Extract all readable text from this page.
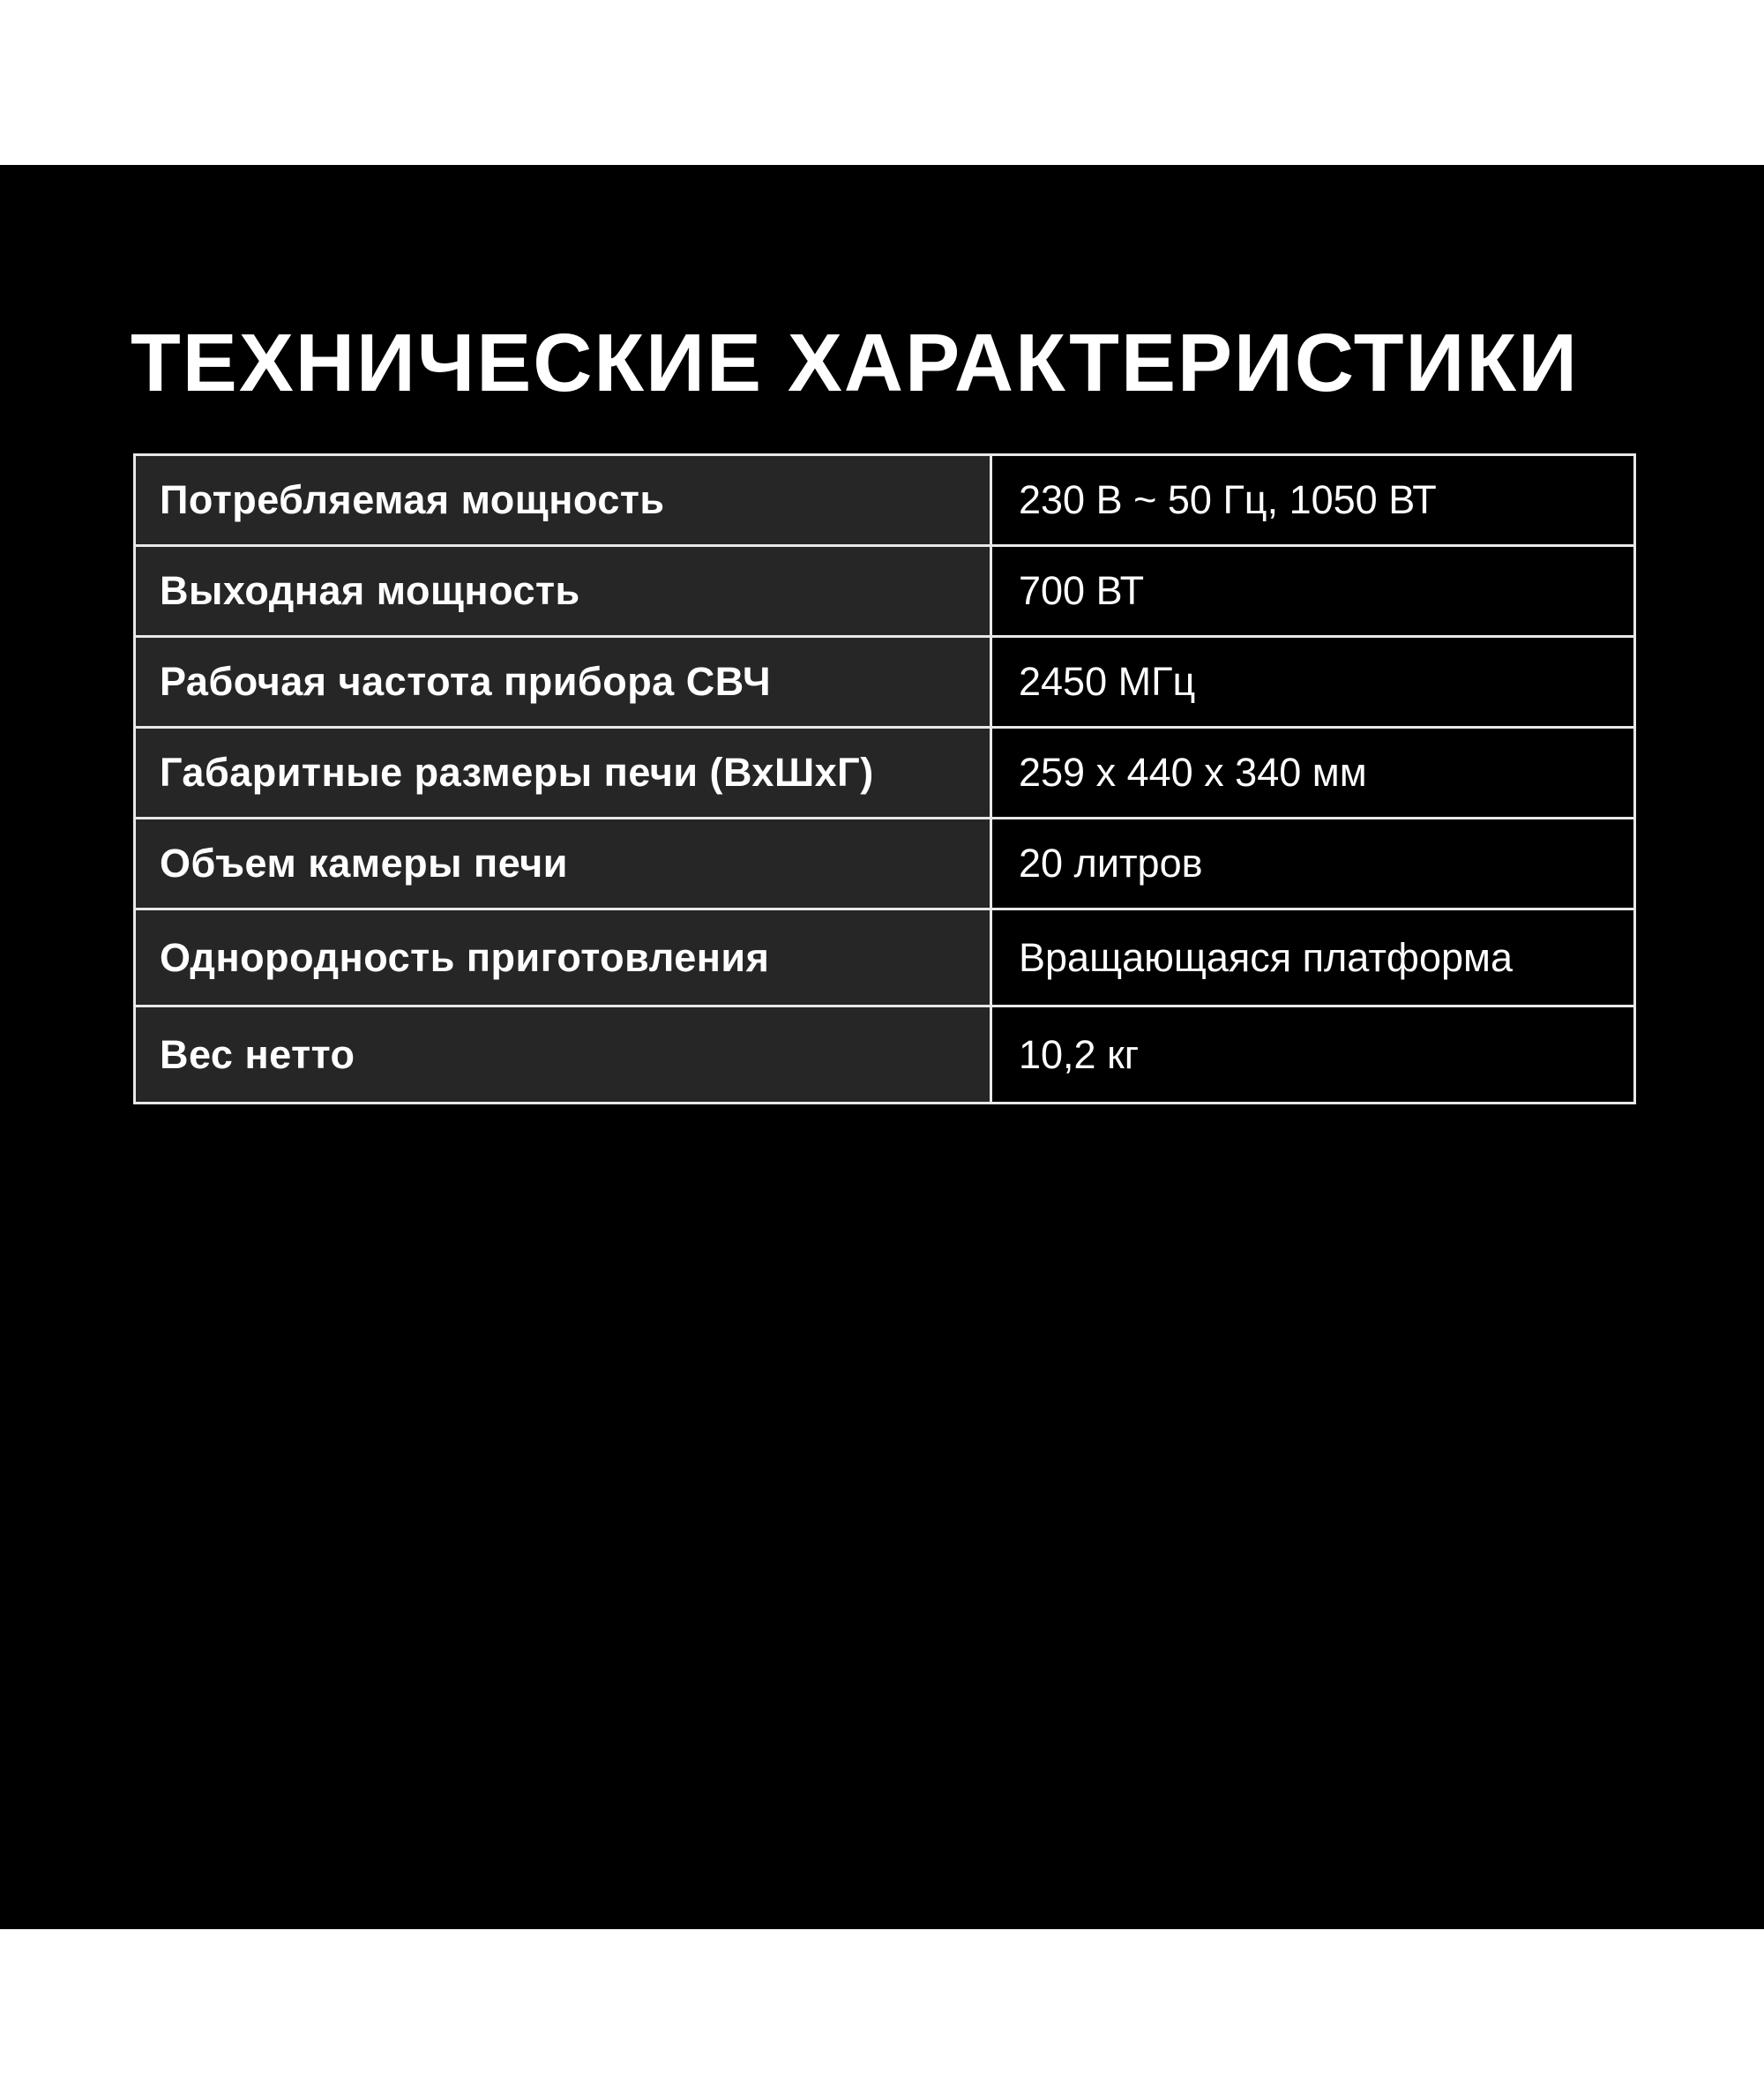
ТЕХНИЧЕСКИЕ ХАРАКТЕРИСТИКИ
Потребляемая мощность	230 В ~ 50 Гц, 1050 ВТ
Выходная мощность	700 ВТ
Рабочая частота прибора СВЧ	2450 МГц
Габаритные размеры печи (ВхШхГ)	259 х 440 х 340 мм
Объем камеры печи	20 литров
Однородность приготовления	Вращающаяся платформа
Вес нетто	10,2 кг
